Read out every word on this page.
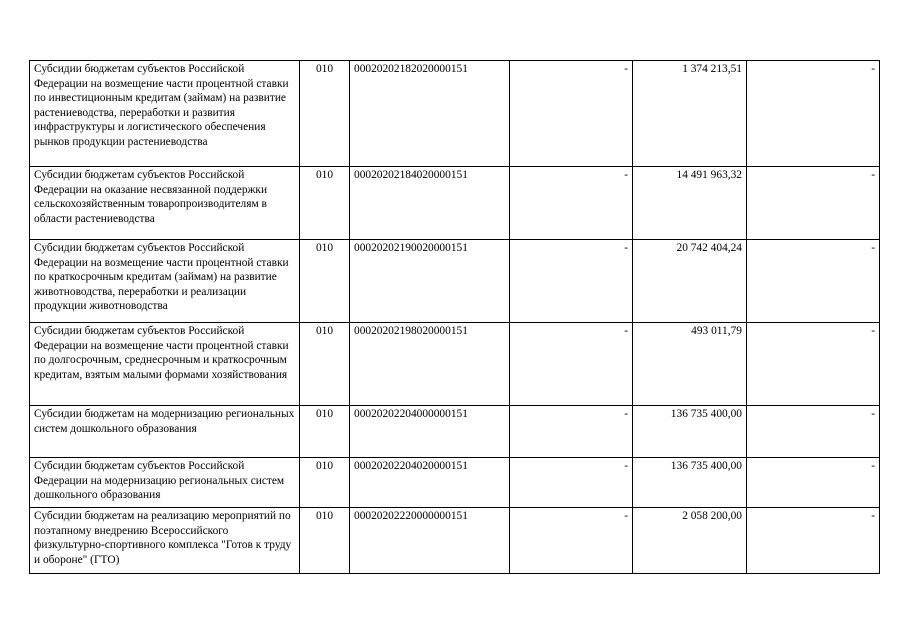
Субсидии бюджетам субъектов Российской Федерации на возмещение части процентной ставки по инвестиционным кредитам (займам) на развитие растениеводства, переработки и развития инфраструктуры и логистического обеспечения рынков продукции растениеводства	010	00020202182020000151	-	1 374 213,51	-
Субсидии бюджетам субъектов Российской Федерации на оказание несвязанной поддержки сельскохозяйственным товаропроизводителям в области растениеводства	010	00020202184020000151	-	14 491 963,32	-
Субсидии бюджетам субъектов Российской Федерации на возмещение части процентной ставки по краткосрочным кредитам (займам) на развитие животноводства, переработки и реализации продукции животноводства	010	00020202190020000151	-	20 742 404,24	-
Субсидии бюджетам субъектов Российской Федерации на возмещение части процентной ставки по долгосрочным, среднесрочным и краткосрочным кредитам, взятым малыми формами хозяйствования	010	00020202198020000151	-	493 011,79	-
Субсидии бюджетам на модернизацию региональных систем дошкольного образования	010	00020202204000000151	-	136 735 400,00	-
Субсидии бюджетам субъектов Российской Федерации на модернизацию региональных систем дошкольного образования	010	00020202204020000151	-	136 735 400,00	-
Субсидии бюджетам на реализацию мероприятий по поэтапному внедрению Всероссийского физкультурно-спортивного комплекса "Готов к труду и обороне" (ГТО)	010	00020202220000000151	-	2 058 200,00	-
